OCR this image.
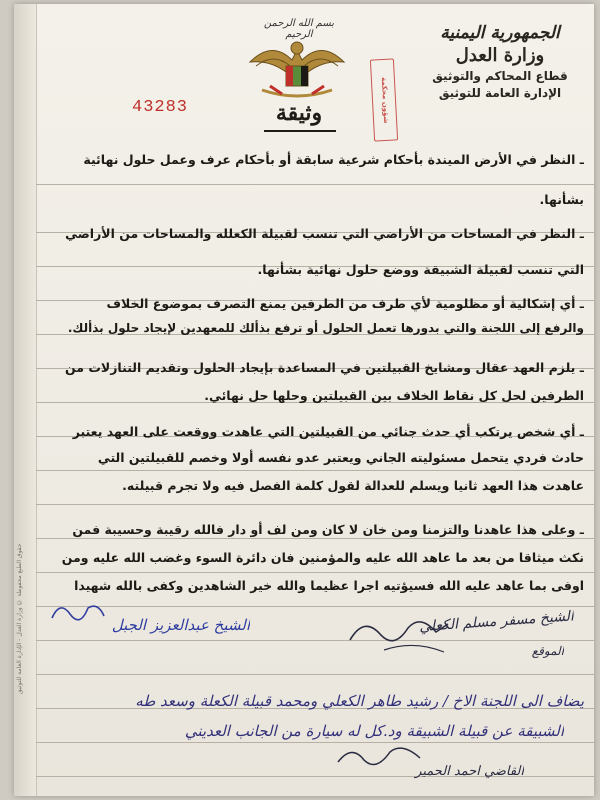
حقوق الطبع محفوظة © وزارة العدل - الإدارة العامة للتوثيق
الجمهورية اليمنية
وزارة العدل
قطاع المحاكم والتوثيق
الإدارة العامة للتوثيق
شؤون محكمة
بسم الله الرحمن الرحيم
43283	وثيقة
ـ النظر في الأرض الميندة بأحكام شرعية سابقة أو بأحكام عرف وعمل حلول نهائية
بشأنها.
ـ النظر في المساحات من الأراضي التي تنسب لقبيلة الكعلله والمساحات من الأراضي
التي تنسب لقبيلة الشبيقة ووضع حلول نهائية بشأنها.
ـ أي إشكالية أو مظلومية لأي طرف من الطرفين يمنع التصرف بموضوع الخلاف
والرفع إلى اللجنة والتي بدورها تعمل الحلول أو ترفع بذألك للمعهدين لإيجاد حلول بذألك.
ـ يلزم العهد عقال ومشايخ القبيلتين في المساعدة بإيجاد الحلول وتقديم التنازلات من
الطرفين لحل كل نقاط الخلاف بين القبيلتين وحلها حل نهائي.
ـ أي شخص يرتكب أي حدث جنائي من القبيلتين التي عاهدت ووقعت على العهد يعتبر
حادث فردي يتحمل مسئوليته الجاني ويعتبر عدو نفسه أولا وخصم للقبيلتين التي
عاهدت هذا العهد ثانيا ويسلم للعدالة لقول كلمة الفصل فيه ولا تجرم قبيلته.
ـ وعلى هذا عاهدنا والتزمنا ومن خان لا كان ومن لف أو دار فالله رقيبة وحسيبة فمن
نكث ميثاقا من بعد ما عاهد الله عليه والمؤمنين فان دائرة السوء وغضب الله عليه ومن
اوفى بما عاهد عليه الله فسيؤتيه اجرا عظيما والله خير الشاهدين وكفى بالله شهيدا
الشيخ عبدالعزيز الجبل	الشيخ مسفر مسلم الكعلي
الموقع
يضاف الى اللجنة الاخ / رشيد طاهر الكعلي ومحمد قبيلة الكعلة وسعد طه
الشبيقة عن قبيلة الشبيقة ود.كل له سيارة من الجانب العديني
القاضي احمد الحمير
